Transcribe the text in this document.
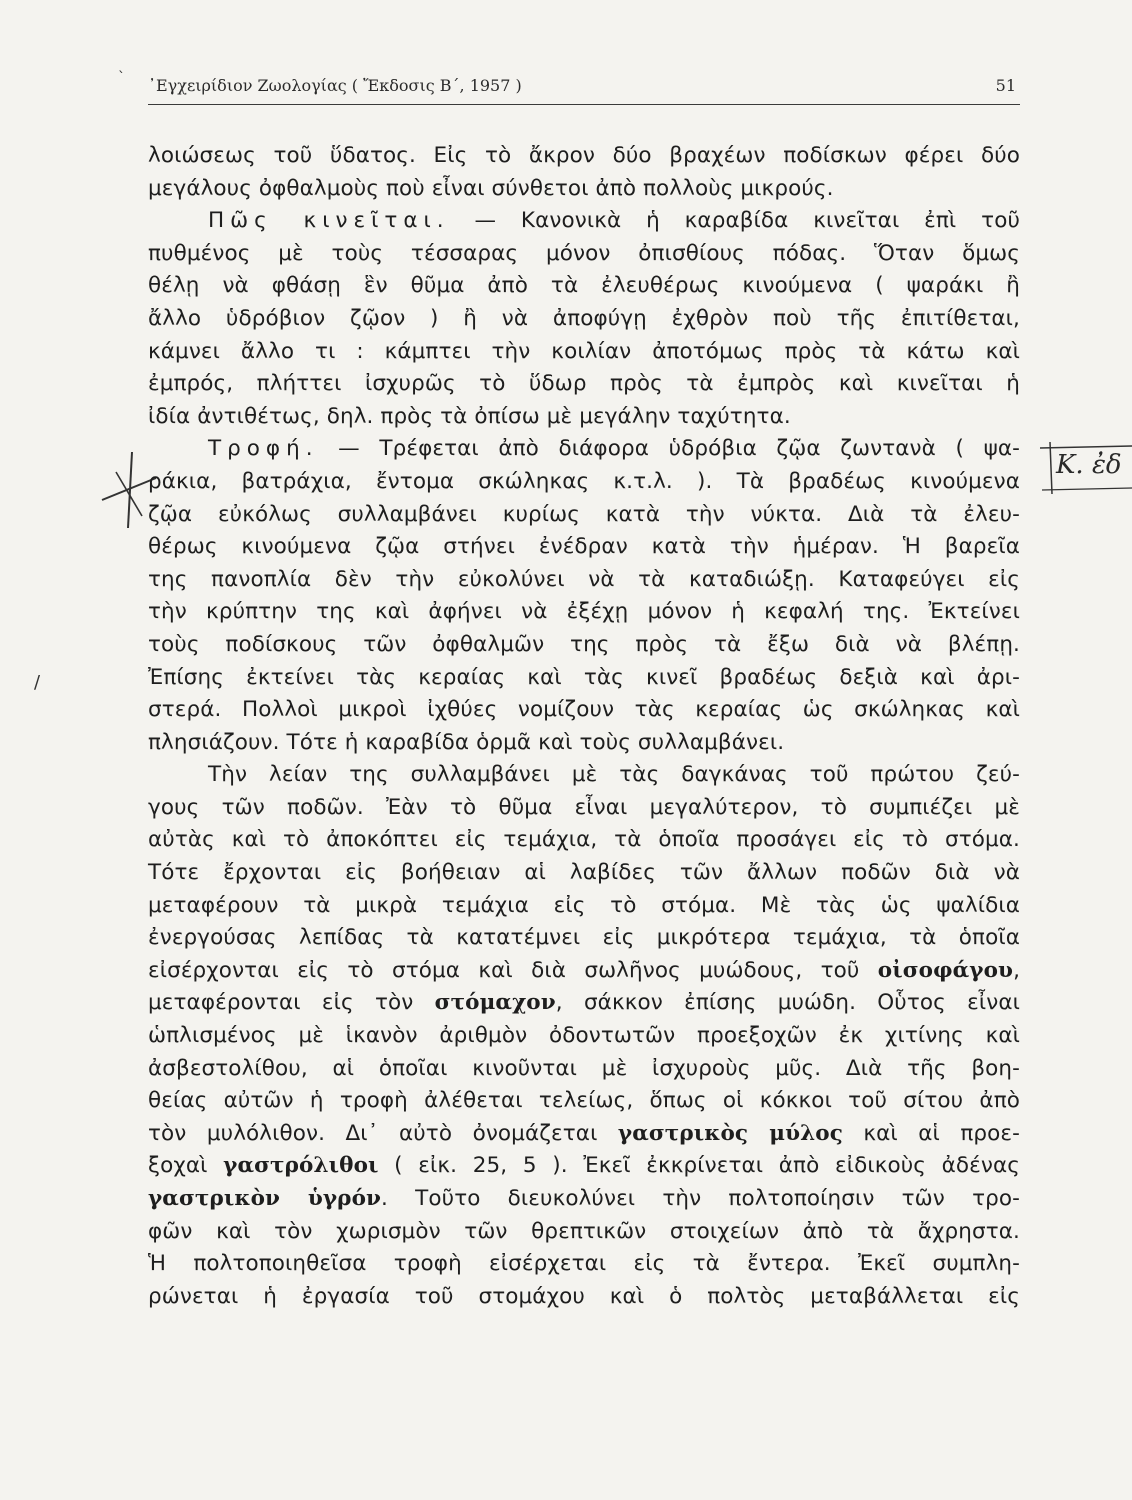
` ᾿Εγχειρίδιον Ζωολογίας ( Ἔκδοσις Β΄, 1957 )	51
Κ. ἐδ
/
λοιώσεως τοῦ ὕδατος. Εἰς τὸ ἄκρον δύο βραχέων ποδίσκων φέρει δύο
μεγάλους ὀφθαλμοὺς ποὺ εἶναι σύνθετοι ἀπὸ πολλοὺς μικρούς.
Πῶς κινεῖται. — Κανονικὰ ἡ καραβίδα κινεῖται ἐπὶ τοῦ
πυθμένος μὲ τοὺς τέσσαρας μόνον ὀπισθίους πόδας. Ὅταν ὅμως
θέλῃ νὰ φθάσῃ ἓν θῦμα ἀπὸ τὰ ἐλευθέρως κινούμενα ( ψαράκι ἢ
ἄλλο ὑδρόβιον ζῷον ) ἢ νὰ ἀποφύγῃ ἐχθρὸν ποὺ τῆς ἐπιτίθεται,
κάμνει ἄλλο τι : κάμπτει τὴν κοιλίαν ἀποτόμως πρὸς τὰ κάτω καὶ
ἐμπρός, πλήττει ἰσχυρῶς τὸ ὕδωρ πρὸς τὰ ἐμπρὸς καὶ κινεῖται ἡ
ἰδία ἀντιθέτως, δηλ. πρὸς τὰ ὀπίσω μὲ μεγάλην ταχύτητα.
Τροφή. — Τρέφεται ἀπὸ διάφορα ὑδρόβια ζῷα ζωντανὰ ( ψα-
ράκια, βατράχια, ἔντομα σκώληκας κ.τ.λ. ). Τὰ βραδέως κινούμενα
ζῷα εὐκόλως συλλαμβάνει κυρίως κατὰ τὴν νύκτα. Διὰ τὰ ἐλευ-
θέρως κινούμενα ζῷα στήνει ἐνέδραν κατὰ τὴν ἡμέραν. Ἡ βαρεῖα
της πανοπλία δὲν τὴν εὐκολύνει νὰ τὰ καταδιώξῃ. Καταφεύγει εἰς
τὴν κρύπτην της καὶ ἀφήνει νὰ ἐξέχῃ μόνον ἡ κεφαλή της. Ἐκτείνει
τοὺς ποδίσκους τῶν ὀφθαλμῶν της πρὸς τὰ ἔξω διὰ νὰ βλέπῃ.
Ἐπίσης ἐκτείνει τὰς κεραίας καὶ τὰς κινεῖ βραδέως δεξιὰ καὶ ἀρι-
στερά. Πολλοὶ μικροὶ ἰχθύες νομίζουν τὰς κεραίας ὡς σκώληκας καὶ
πλησιάζουν. Τότε ἡ καραβίδα ὁρμᾶ καὶ τοὺς συλλαμβάνει.
Τὴν λείαν της συλλαμβάνει μὲ τὰς δαγκάνας τοῦ πρώτου ζεύ-
γους τῶν ποδῶν. Ἐὰν τὸ θῦμα εἶναι μεγαλύτερον, τὸ συμπιέζει μὲ
αὐτὰς καὶ τὸ ἀποκόπτει εἰς τεμάχια, τὰ ὁποῖα προσάγει εἰς τὸ στόμα.
Τότε ἔρχονται εἰς βοήθειαν αἱ λαβίδες τῶν ἄλλων ποδῶν διὰ νὰ
μεταφέρουν τὰ μικρὰ τεμάχια εἰς τὸ στόμα. Μὲ τὰς ὡς ψαλίδια
ἐνεργούσας λεπίδας τὰ κατατέμνει εἰς μικρότερα τεμάχια, τὰ ὁποῖα
εἰσέρχονται εἰς τὸ στόμα καὶ διὰ σωλῆνος μυώδους, τοῦ οἰσοφάγου,
μεταφέρονται εἰς τὸν στόμαχον, σάκκον ἐπίσης μυώδη. Οὗτος εἶναι
ὡπλισμένος μὲ ἱκανὸν ἀριθμὸν ὀδοντωτῶν προεξοχῶν ἐκ χιτίνης καὶ
ἀσβεστολίθου, αἱ ὁποῖαι κινοῦνται μὲ ἰσχυροὺς μῦς. Διὰ τῆς βοη-
θείας αὐτῶν ἡ τροφὴ ἀλέθεται τελείως, ὅπως οἱ κόκκοι τοῦ σίτου ἀπὸ
τὸν μυλόλιθον. Δι᾿ αὐτὸ ὀνομάζεται γαστρικὸς μύλος καὶ αἱ προε-
ξοχαὶ γαστρόλιθοι ( εἰκ. 25, 5 ). Ἐκεῖ ἐκκρίνεται ἀπὸ εἰδικοὺς ἀδένας
γαστρικὸν ὑγρόν. Τοῦτο διευκολύνει τὴν πολτοποίησιν τῶν τρο-
φῶν καὶ τὸν χωρισμὸν τῶν θρεπτικῶν στοιχείων ἀπὸ τὰ ἄχρηστα.
Ἡ πολτοποιηθεῖσα τροφὴ εἰσέρχεται εἰς τὰ ἔντερα. Ἐκεῖ συμπλη-
ρώνεται ἡ ἐργασία τοῦ στομάχου καὶ ὁ πολτὸς μεταβάλλεται εἰς
